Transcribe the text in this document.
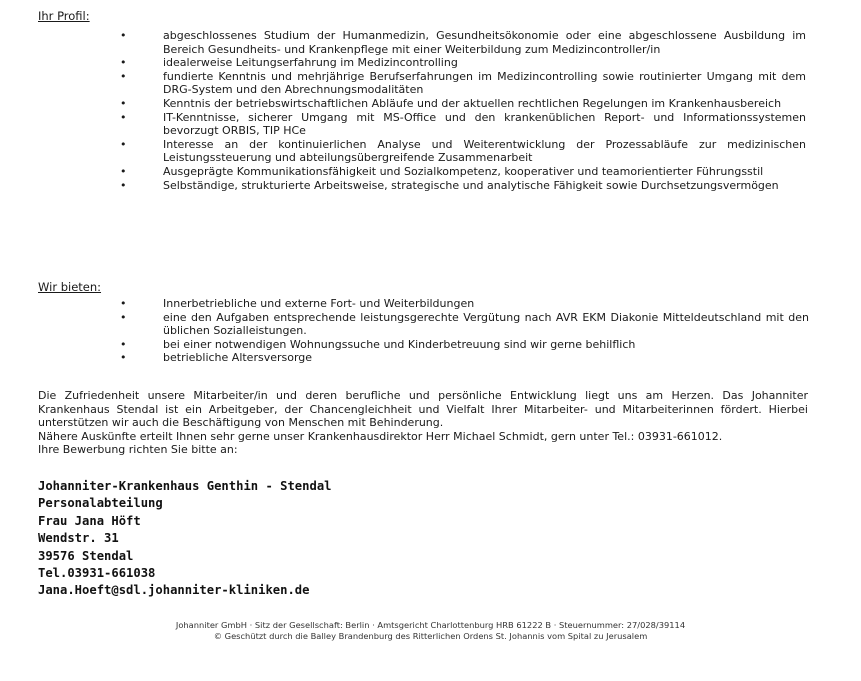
Ihr Profil:
•	abgeschlossenes Studium der Humanmedizin, Gesundheitsökonomie oder eine abgeschlossene Ausbildung im Bereich Gesundheits- und Krankenpflege mit einer Weiterbildung zum Medizincontroller/in
•	idealerweise Leitungserfahrung im Medizincontrolling
•	fundierte Kenntnis und mehrjährige Berufserfahrungen im Medizincontrolling sowie routinierter Umgang mit dem DRG-System und den Abrechnungsmodalitäten
•	Kenntnis der betriebswirtschaftlichen Abläufe und der aktuellen rechtlichen Regelungen im Krankenhausbereich
•	IT-Kenntnisse, sicherer Umgang mit MS-Office und den krankenüblichen Report- und Informationssystemen bevorzugt ORBIS, TIP HCe
•	Interesse an der kontinuierlichen Analyse und Weiterentwicklung der Prozessabläufe zur medizinischen Leistungssteuerung und abteilungsübergreifende Zusammenarbeit
•	Ausgeprägte Kommunikationsfähigkeit und Sozialkompetenz, kooperativer und teamorientierter Führungsstil
•	Selbständige, strukturierte Arbeitsweise, strategische und analytische Fähigkeit sowie Durchsetzungsvermögen
Wir bieten:
•	Innerbetriebliche und externe Fort- und Weiterbildungen
•	eine den Aufgaben entsprechende leistungsgerechte Vergütung nach AVR EKM Diakonie Mitteldeutschland mit den üblichen Sozialleistungen.
•	bei einer notwendigen Wohnungssuche und Kinderbetreuung sind wir gerne behilflich
•	betriebliche Altersversorge
Die Zufriedenheit unsere Mitarbeiter/in und deren berufliche und persönliche Entwicklung liegt uns am Herzen. Das Johanniter Krankenhaus Stendal ist ein Arbeitgeber, der Chancengleichheit und Vielfalt Ihrer Mitarbeiter- und Mitarbeiterinnen fördert. Hierbei unterstützen wir auch die Beschäftigung von Menschen mit Behinderung.
Nähere Auskünfte erteilt Ihnen sehr gerne unser Krankenhausdirektor Herr Michael Schmidt, gern unter Tel.: 03931-661012.
Ihre Bewerbung richten Sie bitte an:
Johanniter-Krankenhaus Genthin - Stendal
Personalabteilung
Frau Jana Höft
Wendstr. 31
39576 Stendal
Tel.03931-661038
Jana.Hoeft@sdl.johanniter-kliniken.de
Johanniter GmbH · Sitz der Gesellschaft: Berlin · Amtsgericht Charlottenburg HRB 61222 B · Steuernummer: 27/028/39114
© Geschützt durch die Balley Brandenburg des Ritterlichen Ordens St. Johannis vom Spital zu Jerusalem
